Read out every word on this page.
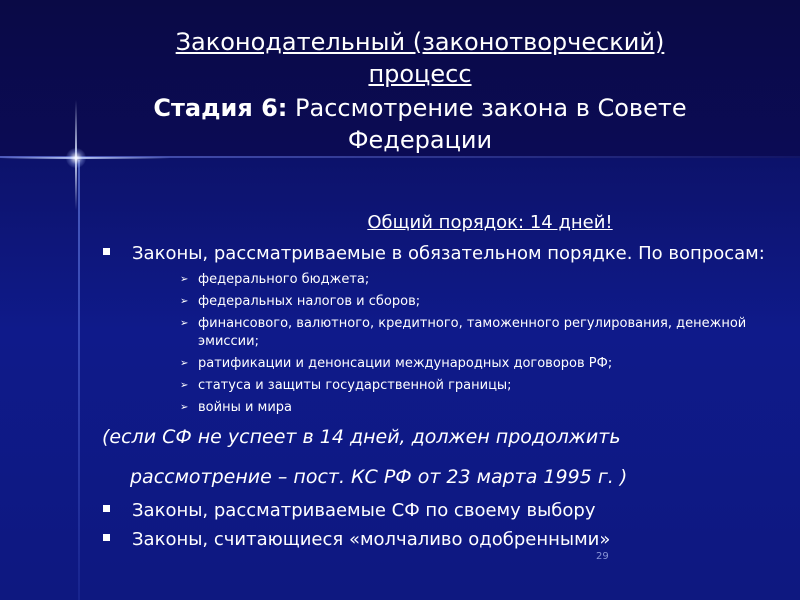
Законодательный (законотворческий)
процесс
Стадия 6: Рассмотрение закона в Совете
Федерации
Общий порядок: 14 дней!
Законы, рассматриваемые в обязательном порядке. По вопросам:
➢ федерального бюджета;
➢ федеральных налогов и сборов;
➢ финансового, валютного, кредитного, таможенного регулирования, денежной эмиссии;
➢ ратификации и денонсации международных договоров РФ;
➢ статуса и защиты государственной границы;
➢ войны и мира
(если СФ не успеет в 14 дней, должен продолжить
рассмотрение – пост. КС РФ от 23 марта 1995 г. )
Законы, рассматриваемые СФ по своему выбору
Законы, считающиеся «молчаливо одобренными»
29
